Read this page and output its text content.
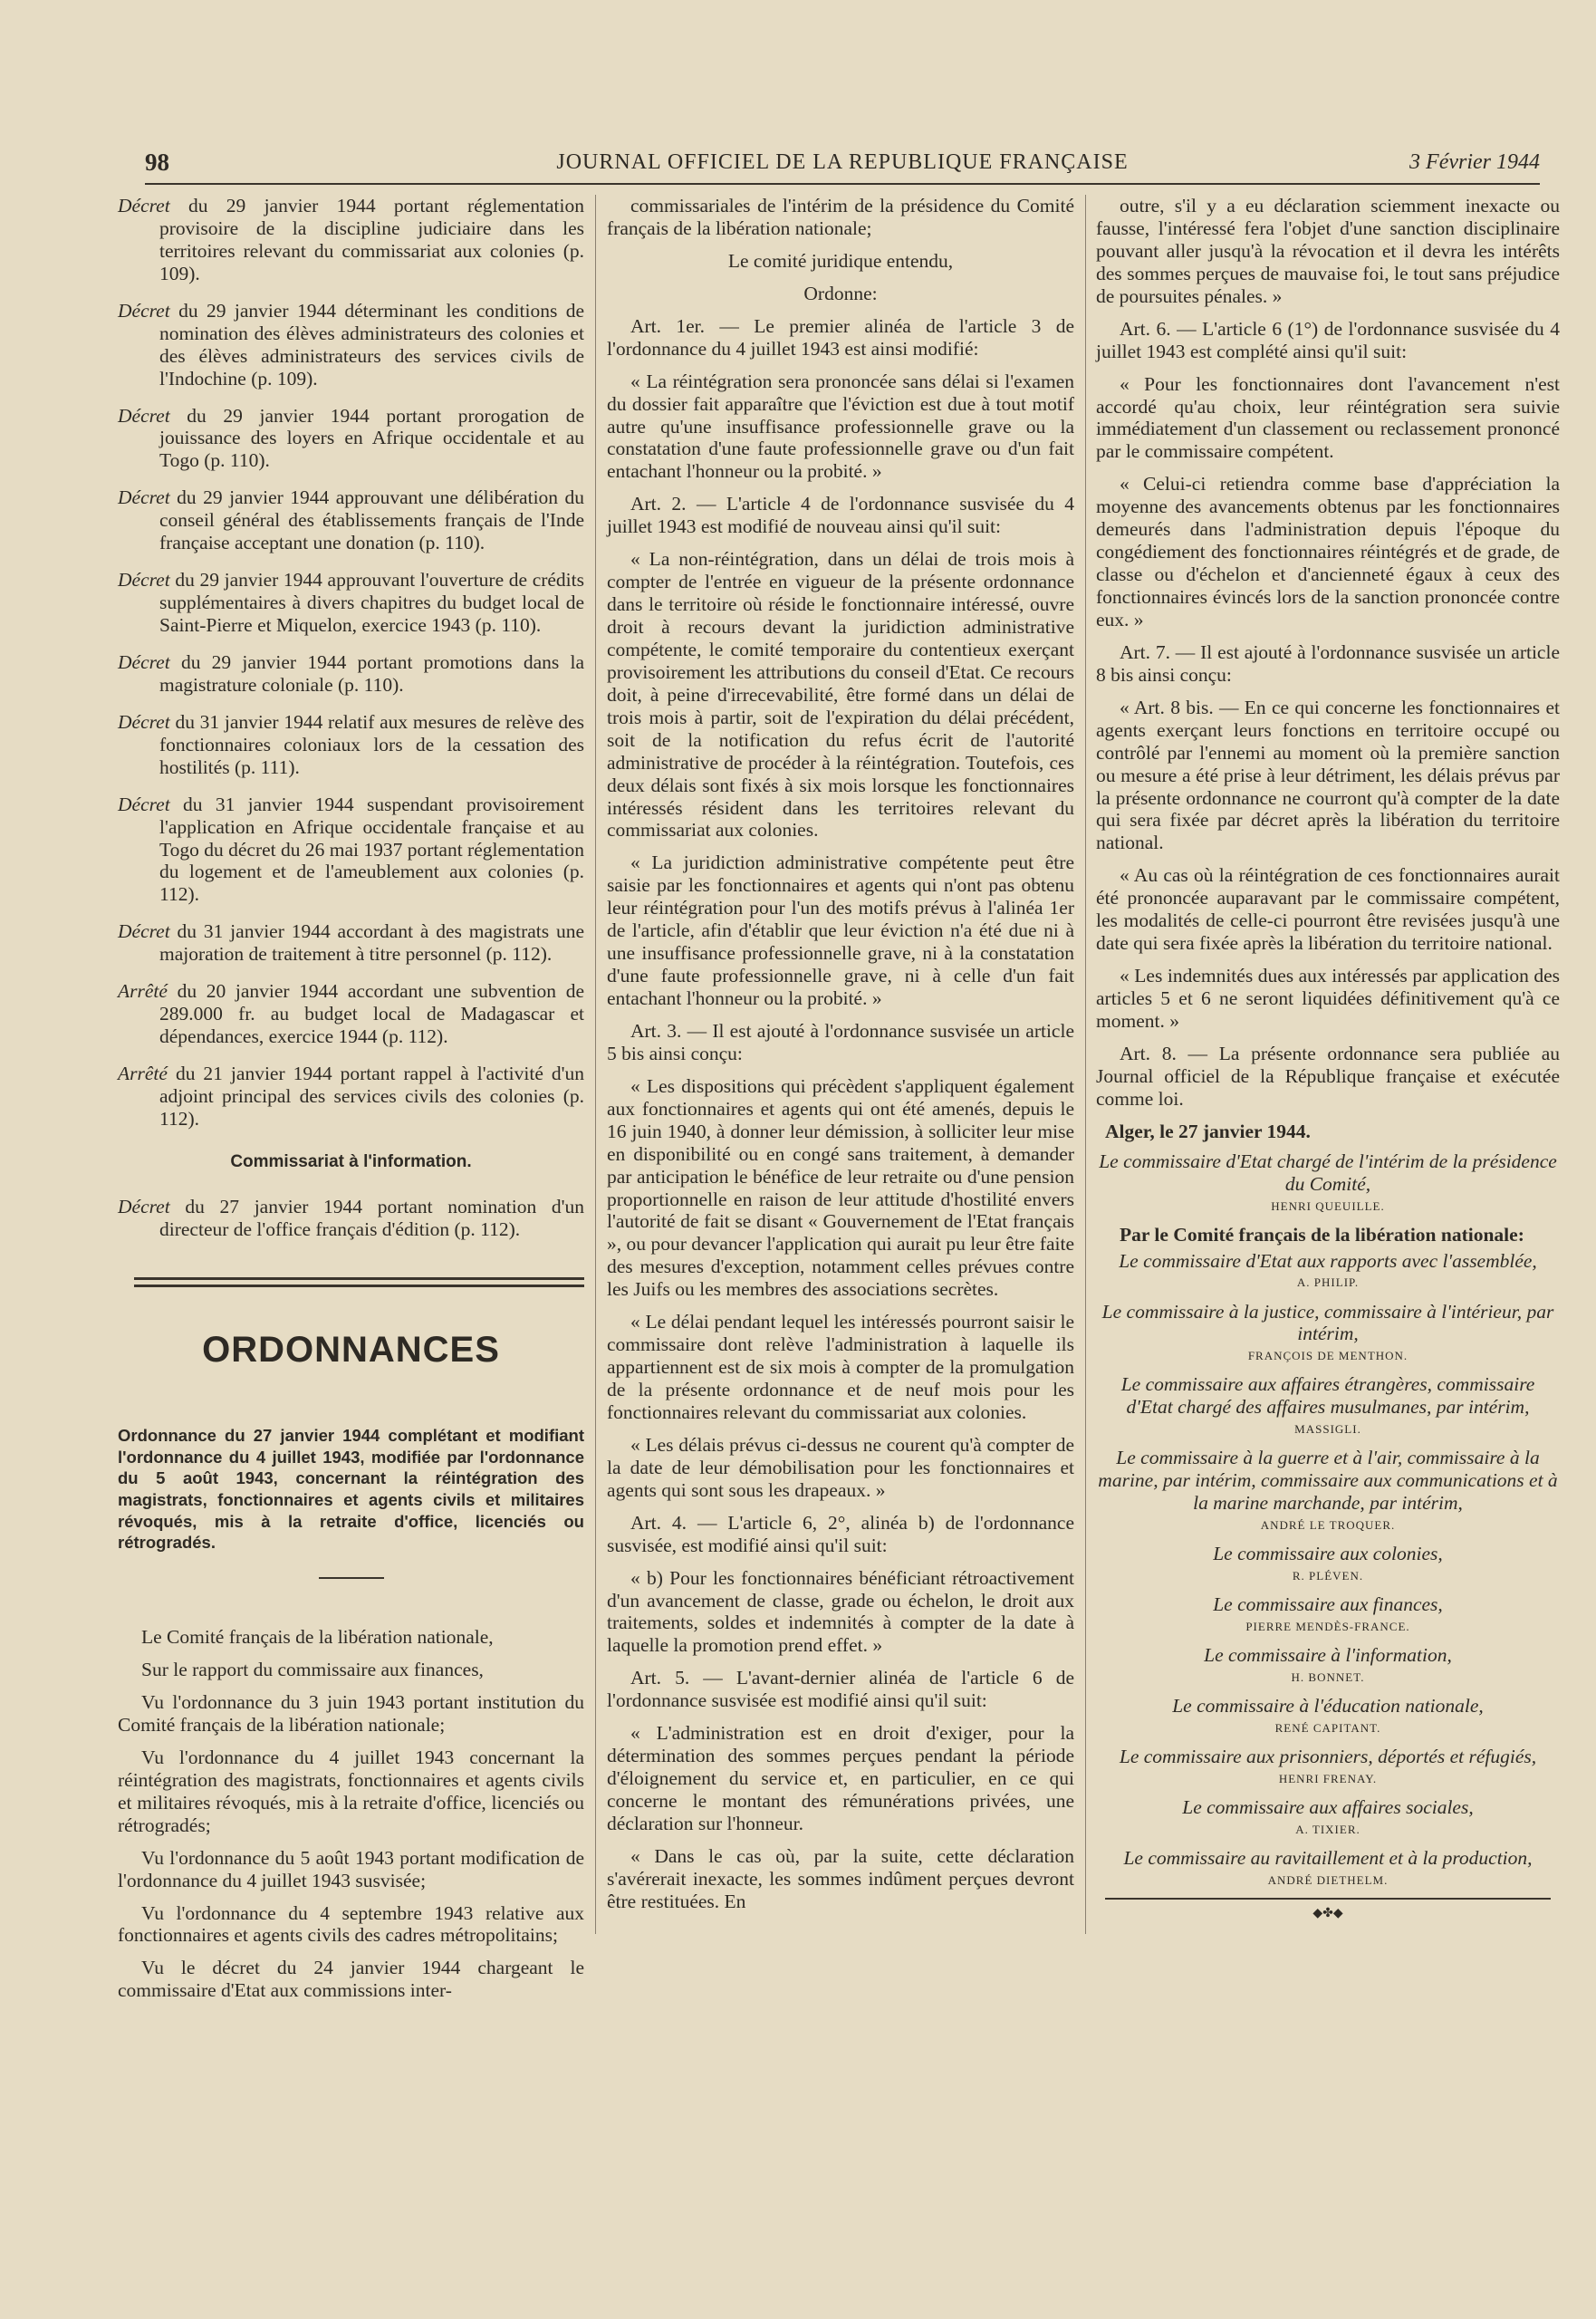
98	JOURNAL OFFICIEL DE LA REPUBLIQUE FRANÇAISE	3 Février 1944

Décret du 29 janvier 1944 portant réglementation provisoire de la discipline judiciaire dans les territoires relevant du commissariat aux colonies (p. 109).

Décret du 29 janvier 1944 déterminant les conditions de nomination des élèves administrateurs des colonies et des élèves administrateurs des services civils de l'Indochine (p. 109).

Décret du 29 janvier 1944 portant prorogation de jouissance des loyers en Afrique occidentale et au Togo (p. 110).

Décret du 29 janvier 1944 approuvant une délibération du conseil général des établissements français de l'Inde française acceptant une donation (p. 110).

Décret du 29 janvier 1944 approuvant l'ouverture de crédits supplémentaires à divers chapitres du budget local de Saint-Pierre et Miquelon, exercice 1943 (p. 110).

Décret du 29 janvier 1944 portant promotions dans la magistrature coloniale (p. 110).

Décret du 31 janvier 1944 relatif aux mesures de relève des fonctionnaires coloniaux lors de la cessation des hostilités (p. 111).

Décret du 31 janvier 1944 suspendant provisoirement l'application en Afrique occidentale française et au Togo du décret du 26 mai 1937 portant réglementation du logement et de l'ameublement aux colonies (p. 112).

Décret du 31 janvier 1944 accordant à des magistrats une majoration de traitement à titre personnel (p. 112).

Arrêté du 20 janvier 1944 accordant une subvention de 289.000 fr. au budget local de Madagascar et dépendances, exercice 1944 (p. 112).

Arrêté du 21 janvier 1944 portant rappel à l'activité d'un adjoint principal des services civils des colonies (p. 112).

Commissariat à l'information.

Décret du 27 janvier 1944 portant nomination d'un directeur de l'office français d'édition (p. 112).

ORDONNANCES
Ordonnance du 27 janvier 1944 complétant et modifiant l'ordonnance du 4 juillet 1943, modifiée par l'ordonnance du 5 août 1943, concernant la réintégration des magistrats, fonctionnaires et agents civils et militaires révoqués, mis à la retraite d'office, licenciés ou rétrogradés.

Le Comité français de la libération nationale,

Sur le rapport du commissaire aux finances,

Vu l'ordonnance du 3 juin 1943 portant institution du Comité français de la libération nationale;

Vu l'ordonnance du 4 juillet 1943 concernant la réintégration des magistrats, fonctionnaires et agents civils et militaires révoqués, mis à la retraite d'office, licenciés ou rétrogradés;

Vu l'ordonnance du 5 août 1943 portant modification de l'ordonnance du 4 juillet 1943 susvisée;

Vu l'ordonnance du 4 septembre 1943 relative aux fonctionnaires et agents civils des cadres métropolitains;

Vu le décret du 24 janvier 1944 chargeant le commissaire d'Etat aux commissions inter-

commissariales de l'intérim de la présidence du Comité français de la libération nationale;

Le comité juridique entendu,

Ordonne:

Art. 1er. — Le premier alinéa de l'article 3 de l'ordonnance du 4 juillet 1943 est ainsi modifié:

« La réintégration sera prononcée sans délai si l'examen du dossier fait apparaître que l'éviction est due à tout motif autre qu'une insuffisance professionnelle grave ou la constatation d'une faute professionnelle grave ou d'un fait entachant l'honneur ou la probité. »

Art. 2. — L'article 4 de l'ordonnance susvisée du 4 juillet 1943 est modifié de nouveau ainsi qu'il suit:

« La non-réintégration, dans un délai de trois mois à compter de l'entrée en vigueur de la présente ordonnance dans le territoire où réside le fonctionnaire intéressé, ouvre droit à recours devant la juridiction administrative compétente, le comité temporaire du contentieux exerçant provisoirement les attributions du conseil d'Etat. Ce recours doit, à peine d'irrecevabilité, être formé dans un délai de trois mois à partir, soit de l'expiration du délai précédent, soit de la notification du refus écrit de l'autorité administrative de procéder à la réintégration. Toutefois, ces deux délais sont fixés à six mois lorsque les fonctionnaires intéressés résident dans les territoires relevant du commissariat aux colonies.

« La juridiction administrative compétente peut être saisie par les fonctionnaires et agents qui n'ont pas obtenu leur réintégration pour l'un des motifs prévus à l'alinéa 1er de l'article, afin d'établir que leur éviction n'a été due ni à une insuffisance professionnelle grave, ni à la constatation d'une faute professionnelle grave, ni à celle d'un fait entachant l'honneur ou la probité. »

Art. 3. — Il est ajouté à l'ordonnance susvisée un article 5 bis ainsi conçu:

« Les dispositions qui précèdent s'appliquent également aux fonctionnaires et agents qui ont été amenés, depuis le 16 juin 1940, à donner leur démission, à solliciter leur mise en disponibilité ou en congé sans traitement, à demander par anticipation le bénéfice de leur retraite ou d'une pension proportionnelle en raison de leur attitude d'hostilité envers l'autorité de fait se disant « Gouvernement de l'Etat français », ou pour devancer l'application qui aurait pu leur être faite des mesures d'exception, notamment celles prévues contre les Juifs ou les membres des associations secrètes.

« Le délai pendant lequel les intéressés pourront saisir le commissaire dont relève l'administration à laquelle ils appartiennent est de six mois à compter de la promulgation de la présente ordonnance et de neuf mois pour les fonctionnaires relevant du commissariat aux colonies.

« Les délais prévus ci-dessus ne courent qu'à compter de la date de leur démobilisation pour les fonctionnaires et agents qui sont sous les drapeaux. »

Art. 4. — L'article 6, 2°, alinéa b) de l'ordonnance susvisée, est modifié ainsi qu'il suit:

« b) Pour les fonctionnaires bénéficiant rétroactivement d'un avancement de classe, grade ou échelon, le droit aux traitements, soldes et indemnités à compter de la date à laquelle la promotion prend effet. »

Art. 5. — L'avant-dernier alinéa de l'article 6 de l'ordonnance susvisée est modifié ainsi qu'il suit:

« L'administration est en droit d'exiger, pour la détermination des sommes perçues pendant la période d'éloignement du service et, en particulier, en ce qui concerne le montant des rémunérations privées, une déclaration sur l'honneur.

« Dans le cas où, par la suite, cette déclaration s'avérerait inexacte, les sommes indûment perçues devront être restituées. En

outre, s'il y a eu déclaration sciemment inexacte ou fausse, l'intéressé fera l'objet d'une sanction disciplinaire pouvant aller jusqu'à la révocation et il devra les intérêts des sommes perçues de mauvaise foi, le tout sans préjudice de poursuites pénales. »

Art. 6. — L'article 6 (1°) de l'ordonnance susvisée du 4 juillet 1943 est complété ainsi qu'il suit:

« Pour les fonctionnaires dont l'avancement n'est accordé qu'au choix, leur réintégration sera suivie immédiatement d'un classement ou reclassement prononcé par le commissaire compétent.

« Celui-ci retiendra comme base d'appréciation la moyenne des avancements obtenus par les fonctionnaires demeurés dans l'administration depuis l'époque du congédiement des fonctionnaires réintégrés et de grade, de classe ou d'échelon et d'ancienneté égaux à ceux des fonctionnaires évincés lors de la sanction prononcée contre eux. »

Art. 7. — Il est ajouté à l'ordonnance susvisée un article 8 bis ainsi conçu:

« Art. 8 bis. — En ce qui concerne les fonctionnaires et agents exerçant leurs fonctions en territoire occupé ou contrôlé par l'ennemi au moment où la première sanction ou mesure a été prise à leur détriment, les délais prévus par la présente ordonnance ne courront qu'à compter de la date qui sera fixée par décret après la libération du territoire national.

« Au cas où la réintégration de ces fonctionnaires aurait été prononcée auparavant par le commissaire compétent, les modalités de celle-ci pourront être revisées jusqu'à une date qui sera fixée après la libération du territoire national.

« Les indemnités dues aux intéressés par application des articles 5 et 6 ne seront liquidées définitivement qu'à ce moment. »

Art. 8. — La présente ordonnance sera publiée au Journal officiel de la République française et exécutée comme loi.

Alger, le 27 janvier 1944.

Le commissaire d'Etat chargé de l'intérim de la présidence du Comité,

HENRI QUEUILLE.

Par le Comité français de la libération nationale:

Le commissaire d'Etat aux rapports avec l'assemblée,

A. PHILIP.

Le commissaire à la justice, commissaire à l'intérieur, par intérim,

FRANÇOIS DE MENTHON.

Le commissaire aux affaires étrangères, commissaire d'Etat chargé des affaires musulmanes, par intérim,

MASSIGLI.

Le commissaire à la guerre et à l'air, commissaire à la marine, par intérim, commissaire aux communications et à la marine marchande, par intérim,

ANDRÉ LE TROQUER.

Le commissaire aux colonies,

R. PLÉVEN.

Le commissaire aux finances,

PIERRE MENDÈS-FRANCE.

Le commissaire à l'information,

H. BONNET.

Le commissaire à l'éducation nationale,

RENÉ CAPITANT.

Le commissaire aux prisonniers, déportés et réfugiés,

HENRI FRENAY.

Le commissaire aux affaires sociales,

A. TIXIER.

Le commissaire au ravitaillement et à la production,

ANDRÉ DIETHELM.

◆✤◆
